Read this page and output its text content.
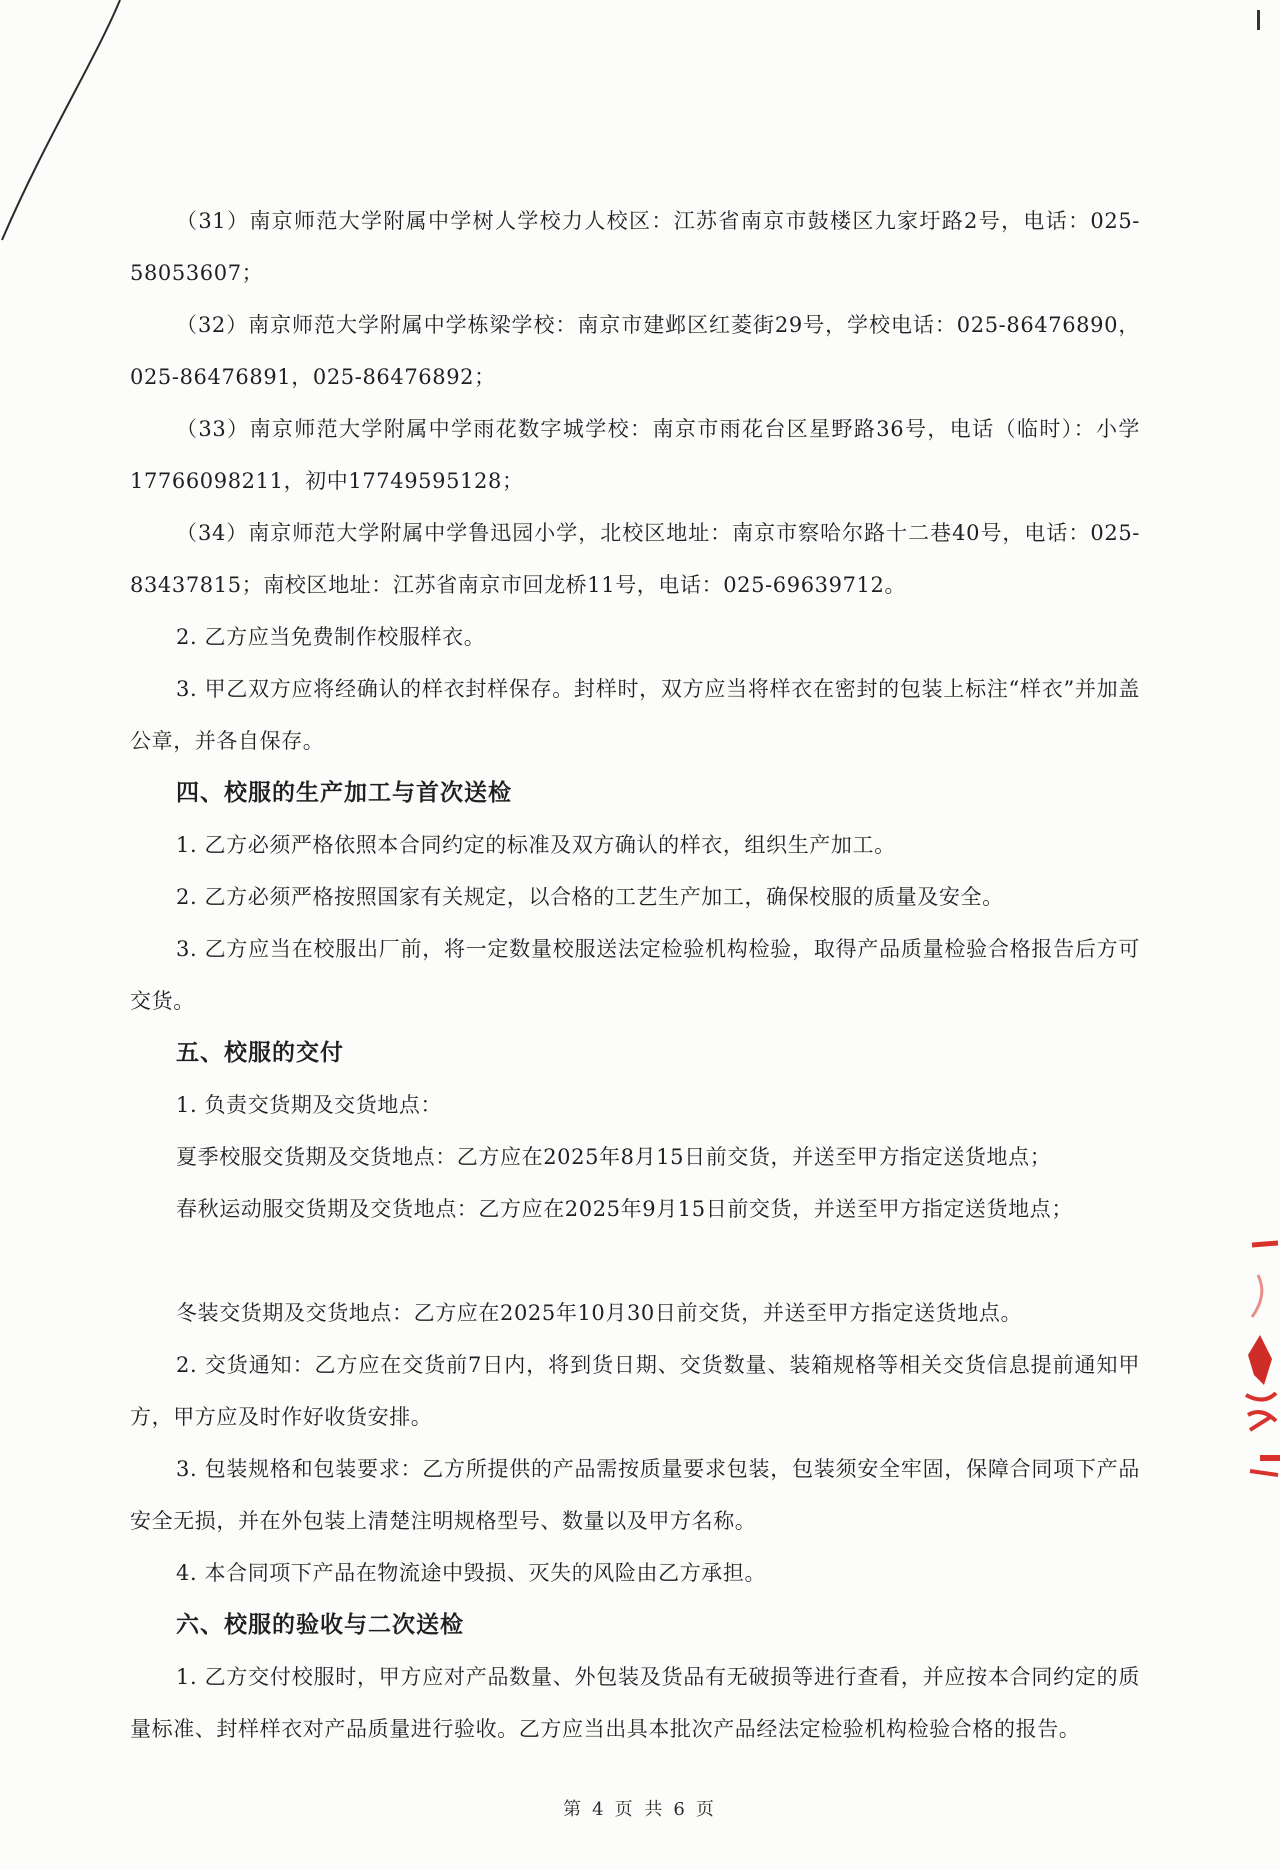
（31）南京师范大学附属中学树人学校力人校区：江苏省南京市鼓楼区九家圩路2号，电话：025-58053607；

（32）南京师范大学附属中学栋梁学校：南京市建邺区红菱街29号，学校电话：025-86476890，025-86476891，025-86476892；

（33）南京师范大学附属中学雨花数字城学校：南京市雨花台区星野路36号，电话（临时）：小学17766098211，初中17749595128；

（34）南京师范大学附属中学鲁迅园小学，北校区地址：南京市察哈尔路十二巷40号，电话：025-83437815；南校区地址：江苏省南京市回龙桥11号，电话：025-69639712。

2. 乙方应当免费制作校服样衣。

3. 甲乙双方应将经确认的样衣封样保存。封样时，双方应当将样衣在密封的包装上标注“样衣”并加盖公章，并各自保存。

四、校服的生产加工与首次送检

1. 乙方必须严格依照本合同约定的标准及双方确认的样衣，组织生产加工。

2. 乙方必须严格按照国家有关规定，以合格的工艺生产加工，确保校服的质量及安全。

3. 乙方应当在校服出厂前，将一定数量校服送法定检验机构检验，取得产品质量检验合格报告后方可交货。

五、校服的交付

1. 负责交货期及交货地点：

夏季校服交货期及交货地点：乙方应在2025年8月15日前交货，并送至甲方指定送货地点；

春秋运动服交货期及交货地点：乙方应在2025年9月15日前交货，并送至甲方指定送货地点；

冬装交货期及交货地点：乙方应在2025年10月30日前交货，并送至甲方指定送货地点。

2. 交货通知：乙方应在交货前7日内，将到货日期、交货数量、装箱规格等相关交货信息提前通知甲方，甲方应及时作好收货安排。

3. 包装规格和包装要求：乙方所提供的产品需按质量要求包装，包装须安全牢固，保障合同项下产品安全无损，并在外包装上清楚注明规格型号、数量以及甲方名称。

4. 本合同项下产品在物流途中毁损、灭失的风险由乙方承担。

六、校服的验收与二次送检

1. 乙方交付校服时，甲方应对产品数量、外包装及货品有无破损等进行查看，并应按本合同约定的质量标准、封样样衣对产品质量进行验收。乙方应当出具本批次产品经法定检验机构检验合格的报告。

第 4 页 共 6 页
